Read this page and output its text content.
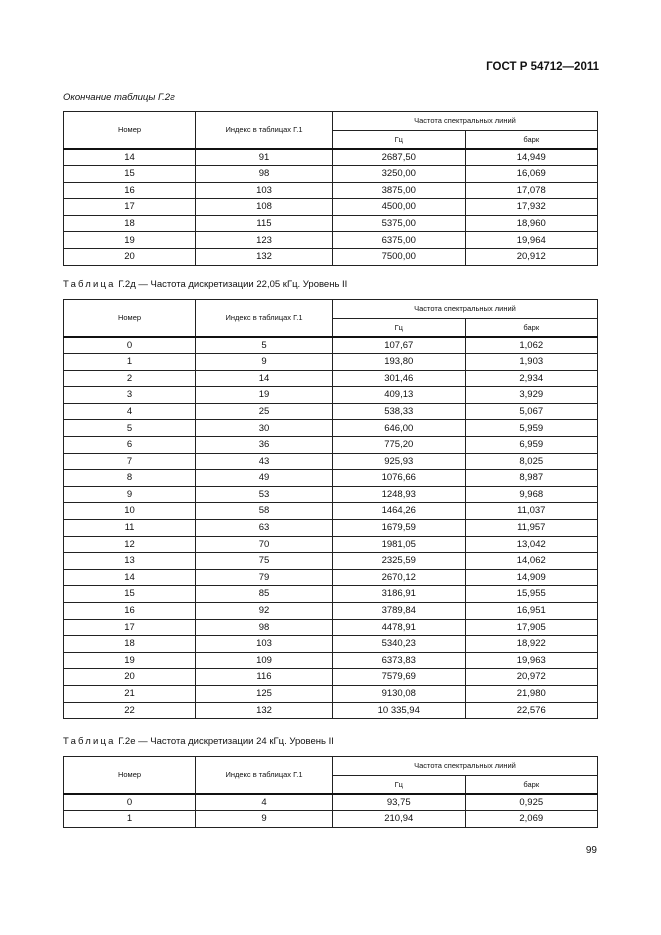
ГОСТ Р 54712—2011
Окончание таблицы Г.2г
Номер	Индекс в таблицах Г.1	Частота спектральных линий	
		Гц	барк
14	91	2687,50	14,949
15	98	3250,00	16,069
16	103	3875,00	17,078
17	108	4500,00	17,932
18	115	5375,00	18,960
19	123	6375,00	19,964
20	132	7500,00	20,912
Таблица Г.2д — Частота дискретизации 22,05 кГц. Уровень II
Номер	Индекс в таблицах Г.1	Частота спектральных линий	
		Гц	барк
0	5	107,67	1,062
1	9	193,80	1,903
2	14	301,46	2,934
3	19	409,13	3,929
4	25	538,33	5,067
5	30	646,00	5,959
6	36	775,20	6,959
7	43	925,93	8,025
8	49	1076,66	8,987
9	53	1248,93	9,968
10	58	1464,26	11,037
11	63	1679,59	11,957
12	70	1981,05	13,042
13	75	2325,59	14,062
14	79	2670,12	14,909
15	85	3186,91	15,955
16	92	3789,84	16,951
17	98	4478,91	17,905
18	103	5340,23	18,922
19	109	6373,83	19,963
20	116	7579,69	20,972
21	125	9130,08	21,980
22	132	10 335,94	22,576
Таблица Г.2е — Частота дискретизации 24 кГц. Уровень II
Номер	Индекс в таблицах Г.1	Частота спектральных линий	
		Гц	барк
0	4	93,75	0,925
1	9	210,94	2,069
99
